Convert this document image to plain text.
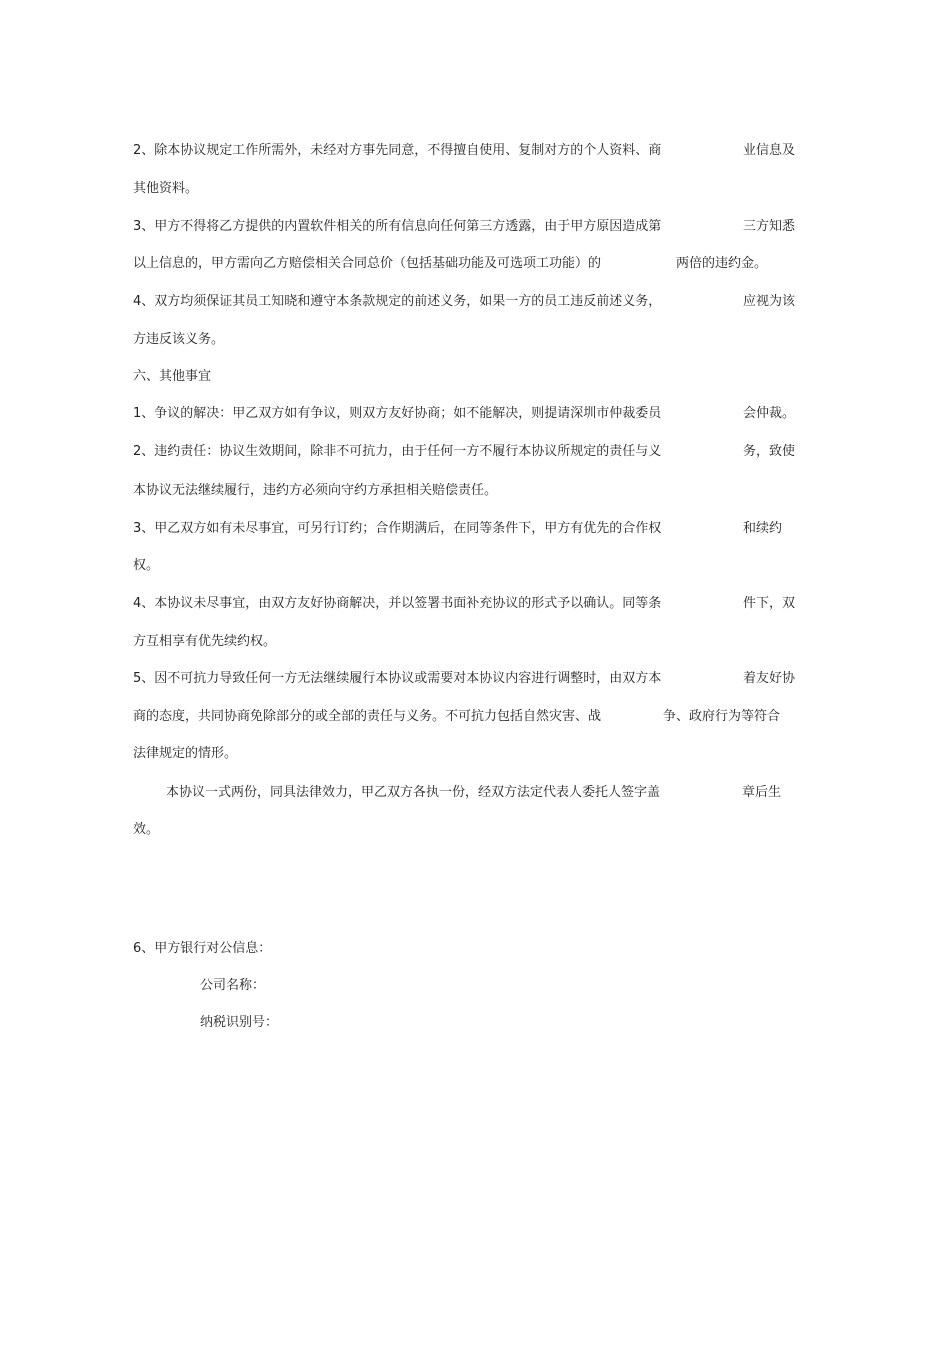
2、除本协议规定工作所需外，未经对方事先同意，不得擅自使用、复制对方的个人资料、商	业信息及
其他资料。
3、甲方不得将乙方提供的内置软件相关的所有信息向任何第三方透露，由于甲方原因造成第	三方知悉
以上信息的，甲方需向乙方赔偿相关合同总价（包括基础功能及可选项工功能）的	两倍的违约金。
4、双方均须保证其员工知晓和遵守本条款规定的前述义务，如果一方的员工违反前述义务，	应视为该
方违反该义务。
六、其他事宜
1、争议的解决：甲乙双方如有争议，则双方友好协商；如不能解决，则提请深圳市仲裁委员	会仲裁。
2、违约责任：协议生效期间，除非不可抗力，由于任何一方不履行本协议所规定的责任与义	务，致使
本协议无法继续履行，违约方必须向守约方承担相关赔偿责任。
3、甲乙双方如有未尽事宜，可另行订约；合作期满后，在同等条件下，甲方有优先的合作权	和续约
权。
4、本协议未尽事宜，由双方友好协商解决，并以签署书面补充协议的形式予以确认。同等条	件下，双
方互相享有优先续约权。
5、因不可抗力导致任何一方无法继续履行本协议或需要对本协议内容进行调整时，由双方本	着友好协
商的态度，共同协商免除部分的或全部的责任与义务。不可抗力包括自然灾害、战	争、政府行为等符合
法律规定的情形。
本协议一式两份，同具法律效力，甲乙双方各执一份，经双方法定代表人委托人签字盖	章后生
效。
6、甲方银行对公信息：
公司名称：
纳税识别号：
